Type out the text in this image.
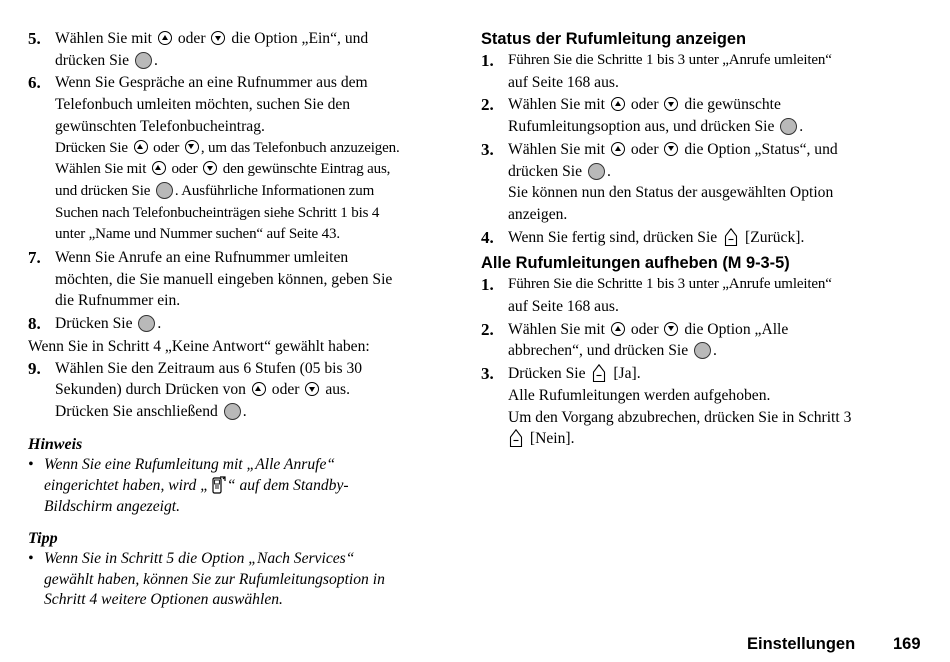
5. Wählen Sie mit oder die Option „Ein“, und
drücken Sie .
6. Wenn Sie Gespräche an eine Rufnummer aus dem
Telefonbuch umleiten möchten, suchen Sie den
gewünschten Telefonbucheintrag.
Drücken Sie oder , um das Telefonbuch anzuzeigen.
Wählen Sie mit oder den gewünschte Eintrag aus,
und drücken Sie . Ausführliche Informationen zum
Suchen nach Telefonbucheinträgen siehe Schritt 1 bis 4
unter „Name und Nummer suchen“ auf Seite 43.
7. Wenn Sie Anrufe an eine Rufnummer umleiten
möchten, die Sie manuell eingeben können, geben Sie
die Rufnummer ein.
8. Drücken Sie .
Wenn Sie in Schritt 4 „Keine Antwort“ gewählt haben:
9. Wählen Sie den Zeitraum aus 6 Stufen (05 bis 30
Sekunden) durch Drücken von oder aus.
Drücken Sie anschließend .
Hinweis
• Wenn Sie eine Rufumleitung mit „Alle Anrufe“
eingerichtet haben, wird „ “ auf dem Standby-
Bildschirm angezeigt.
Tipp
• Wenn Sie in Schritt 5 die Option „Nach Services“
gewählt haben, können Sie zur Rufumleitungsoption in
Schritt 4 weitere Optionen auswählen.
Status der Rufumleitung anzeigen
1. Führen Sie die Schritte 1 bis 3 unter „Anrufe umleiten“
auf Seite 168 aus.
2. Wählen Sie mit oder die gewünschte
Rufumleitungsoption aus, und drücken Sie .
3. Wählen Sie mit oder die Option „Status“, und
drücken Sie .
Sie können nun den Status der ausgewählten Option
anzeigen.
4. Wenn Sie fertig sind, drücken Sie [Zurück].
Alle Rufumleitungen aufheben (M 9-3-5)
1. Führen Sie die Schritte 1 bis 3 unter „Anrufe umleiten“
auf Seite 168 aus.
2. Wählen Sie mit oder die Option „Alle
abbrechen“, und drücken Sie .
3. Drücken Sie [Ja].
Alle Rufumleitungen werden aufgehoben.
Um den Vorgang abzubrechen, drücken Sie in Schritt 3
[Nein].
Einstellungen 169
